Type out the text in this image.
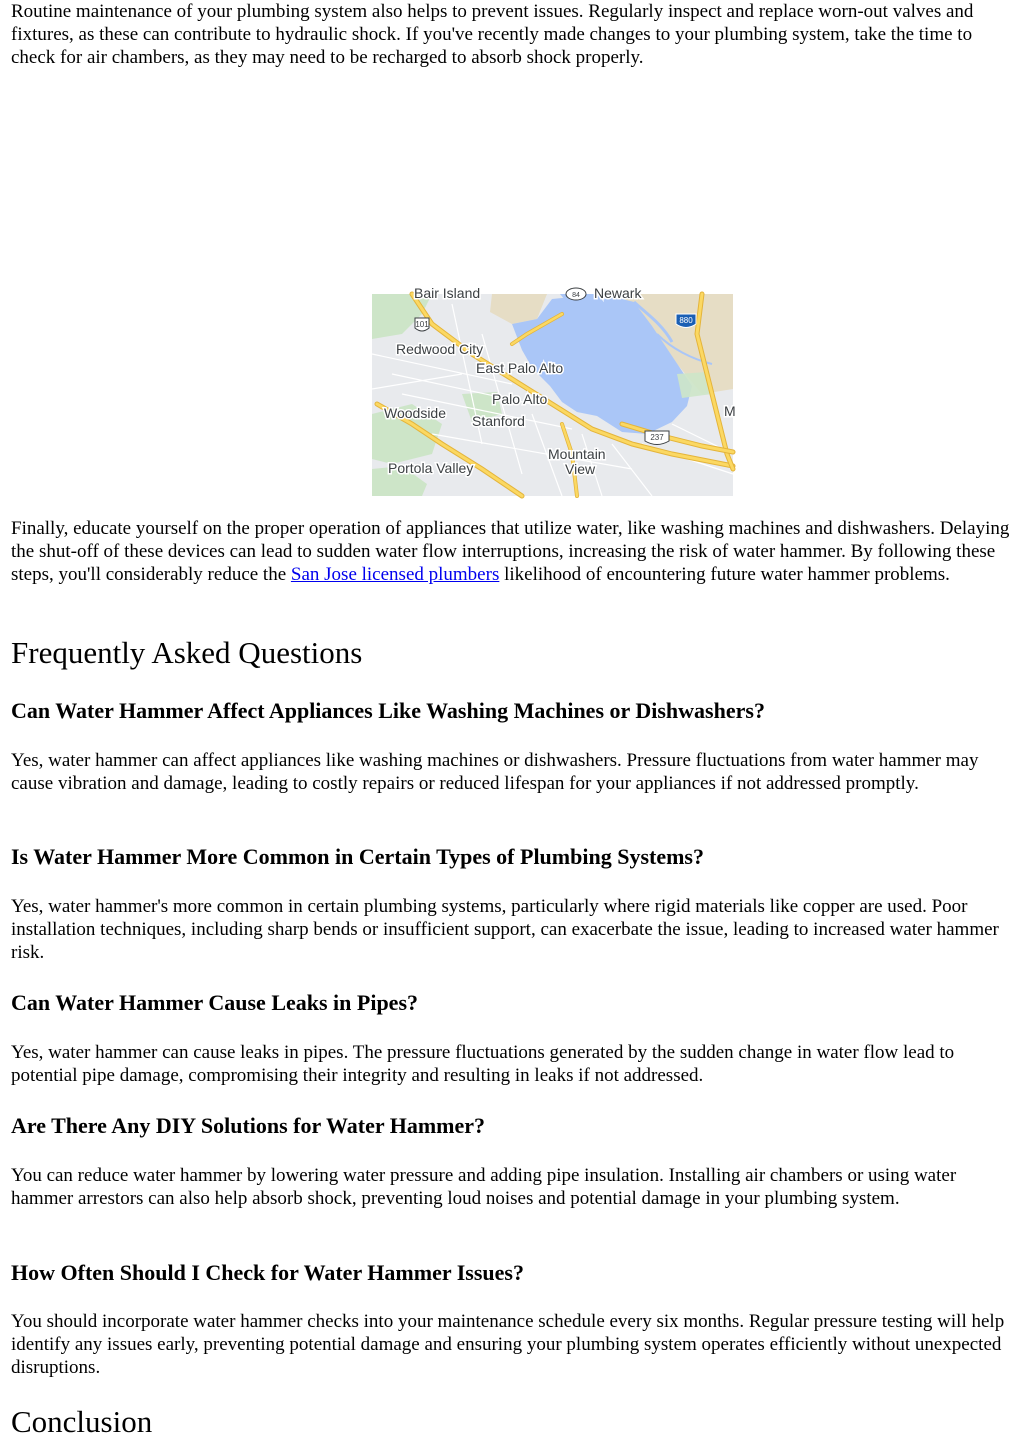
Routine maintenance of your plumbing system also helps to prevent issues. Regularly inspect and replace worn-out valves and fixtures, as these can contribute to hydraulic shock. If you've recently made changes to your plumbing system, take the time to check for air chambers, as they may need to be recharged to absorb shock properly.

101	880
237
84
Bair Island	Newark
Redwood City
East Palo Alto
Palo Alto
Woodside Stanford
Portola Valley
Mountain
View
M

Finally, educate yourself on the proper operation of appliances that utilize water, like washing machines and dishwashers. Delaying the shut-off of these devices can lead to sudden water flow interruptions, increasing the risk of water hammer. By following these steps, you'll considerably reduce the San Jose licensed plumbers likelihood of encountering future water hammer problems.

Frequently Asked Questions
Can Water Hammer Affect Appliances Like Washing Machines or Dishwashers?

Yes, water hammer can affect appliances like washing machines or dishwashers. Pressure fluctuations from water hammer may cause vibration and damage, leading to costly repairs or reduced lifespan for your appliances if not addressed promptly.

Is Water Hammer More Common in Certain Types of Plumbing Systems?

Yes, water hammer's more common in certain plumbing systems, particularly where rigid materials like copper are used. Poor installation techniques, including sharp bends or insufficient support, can exacerbate the issue, leading to increased water hammer risk.

Can Water Hammer Cause Leaks in Pipes?

Yes, water hammer can cause leaks in pipes. The pressure fluctuations generated by the sudden change in water flow lead to potential pipe damage, compromising their integrity and resulting in leaks if not addressed.

Are There Any DIY Solutions for Water Hammer?

You can reduce water hammer by lowering water pressure and adding pipe insulation. Installing air chambers or using water hammer arrestors can also help absorb shock, preventing loud noises and potential damage in your plumbing system.

How Often Should I Check for Water Hammer Issues?

You should incorporate water hammer checks into your maintenance schedule every six months. Regular pressure testing will help identify any issues early, preventing potential damage and ensuring your plumbing system operates efficiently without unexpected disruptions.

Conclusion
